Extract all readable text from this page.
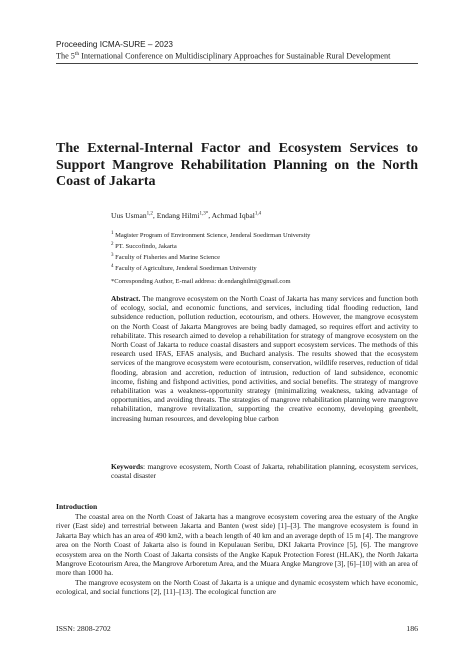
Proceeding ICMA-SURE – 2023
The 5th International Conference on Multidisciplinary Approaches for Sustainable Rural Development
The External-Internal Factor and Ecosystem Services to Support Mangrove Rehabilitation Planning on the North Coast of Jakarta
Uus Usman$^{1,2}$, Endang Hilmi$^{1,3*}$, Achmad Iqbal$^{1,4}$
$^1$ Magister Program of Environment Science, Jenderal Soedirman University
$^2$ PT. Succofindo, Jakarta
$^3$ Faculty of Fisheries and Marine Science
$^4$ Faculty of Agriculture, Jenderal Soedirman University
*Corresponding Author, E-mail address: dr.endanghilmi@gmail.com
Abstract. The mangrove ecosystem on the North Coast of Jakarta has many services and function both of ecology, social, and economic functions, and services, including tidal flooding reduction, land subsidence reduction, pollution reduction, ecotourism, and others. However, the mangrove ecosystem on the North Coast of Jakarta Mangroves are being badly damaged, so requires effort and activity to rehabilitate. This research aimed to develop a rehabilitation for strategy of mangrove ecosystem on the North Coast of Jakarta to reduce coastal disasters and support ecosystem services. The methods of this research used IFAS, EFAS analysis, and Buchard analysis. The results showed that the ecosystem services of the mangrove ecosystem were ecotourism, conservation, wildlife reserves, reduction of tidal flooding, abrasion and accretion, reduction of intrusion, reduction of land subsidence, economic income, fishing and fishpond activities, pond activities, and social benefits. The strategy of mangrove rehabilitation was a weakness-opportunity strategy (minimalizing weakness, taking advantage of opportunities, and avoiding threats. The strategies of mangrove rehabilitation planning were mangrove rehabilitation, mangrove revitalization, supporting the creative economy, developing greenbelt, increasing human resources, and developing blue carbon
Keywords: mangrove ecosystem, North Coast of Jakarta, rehabilitation planning, ecosystem services, coastal disaster
Introduction

The coastal area on the North Coast of Jakarta has a mangrove ecosystem covering area the estuary of the Angke river (East side) and terrestrial between Jakarta and Banten (west side) [1]–[3]. The mangrove ecosystem is found in Jakarta Bay which has an area of 490 km2, with a beach length of 40 km and an average depth of 15 m [4]. The mangrove area on the North Coast of Jakarta also is found in Kepulauan Seribu, DKI Jakarta Province [5], [6]. The mangrove ecosystem area on the North Coast of Jakarta consists of the Angke Kapuk Protection Forest (HLAK), the North Jakarta Mangrove Ecotourism Area, the Mangrove Arboretum Area, and the Muara Angke Mangrove [3], [6]–[10] with an area of more than 1000 ha.

The mangrove ecosystem on the North Coast of Jakarta is a unique and dynamic ecosystem which have economic, ecological, and social functions [2], [11]–[13]. The ecological function are

ISSN: 2808-2702	186
